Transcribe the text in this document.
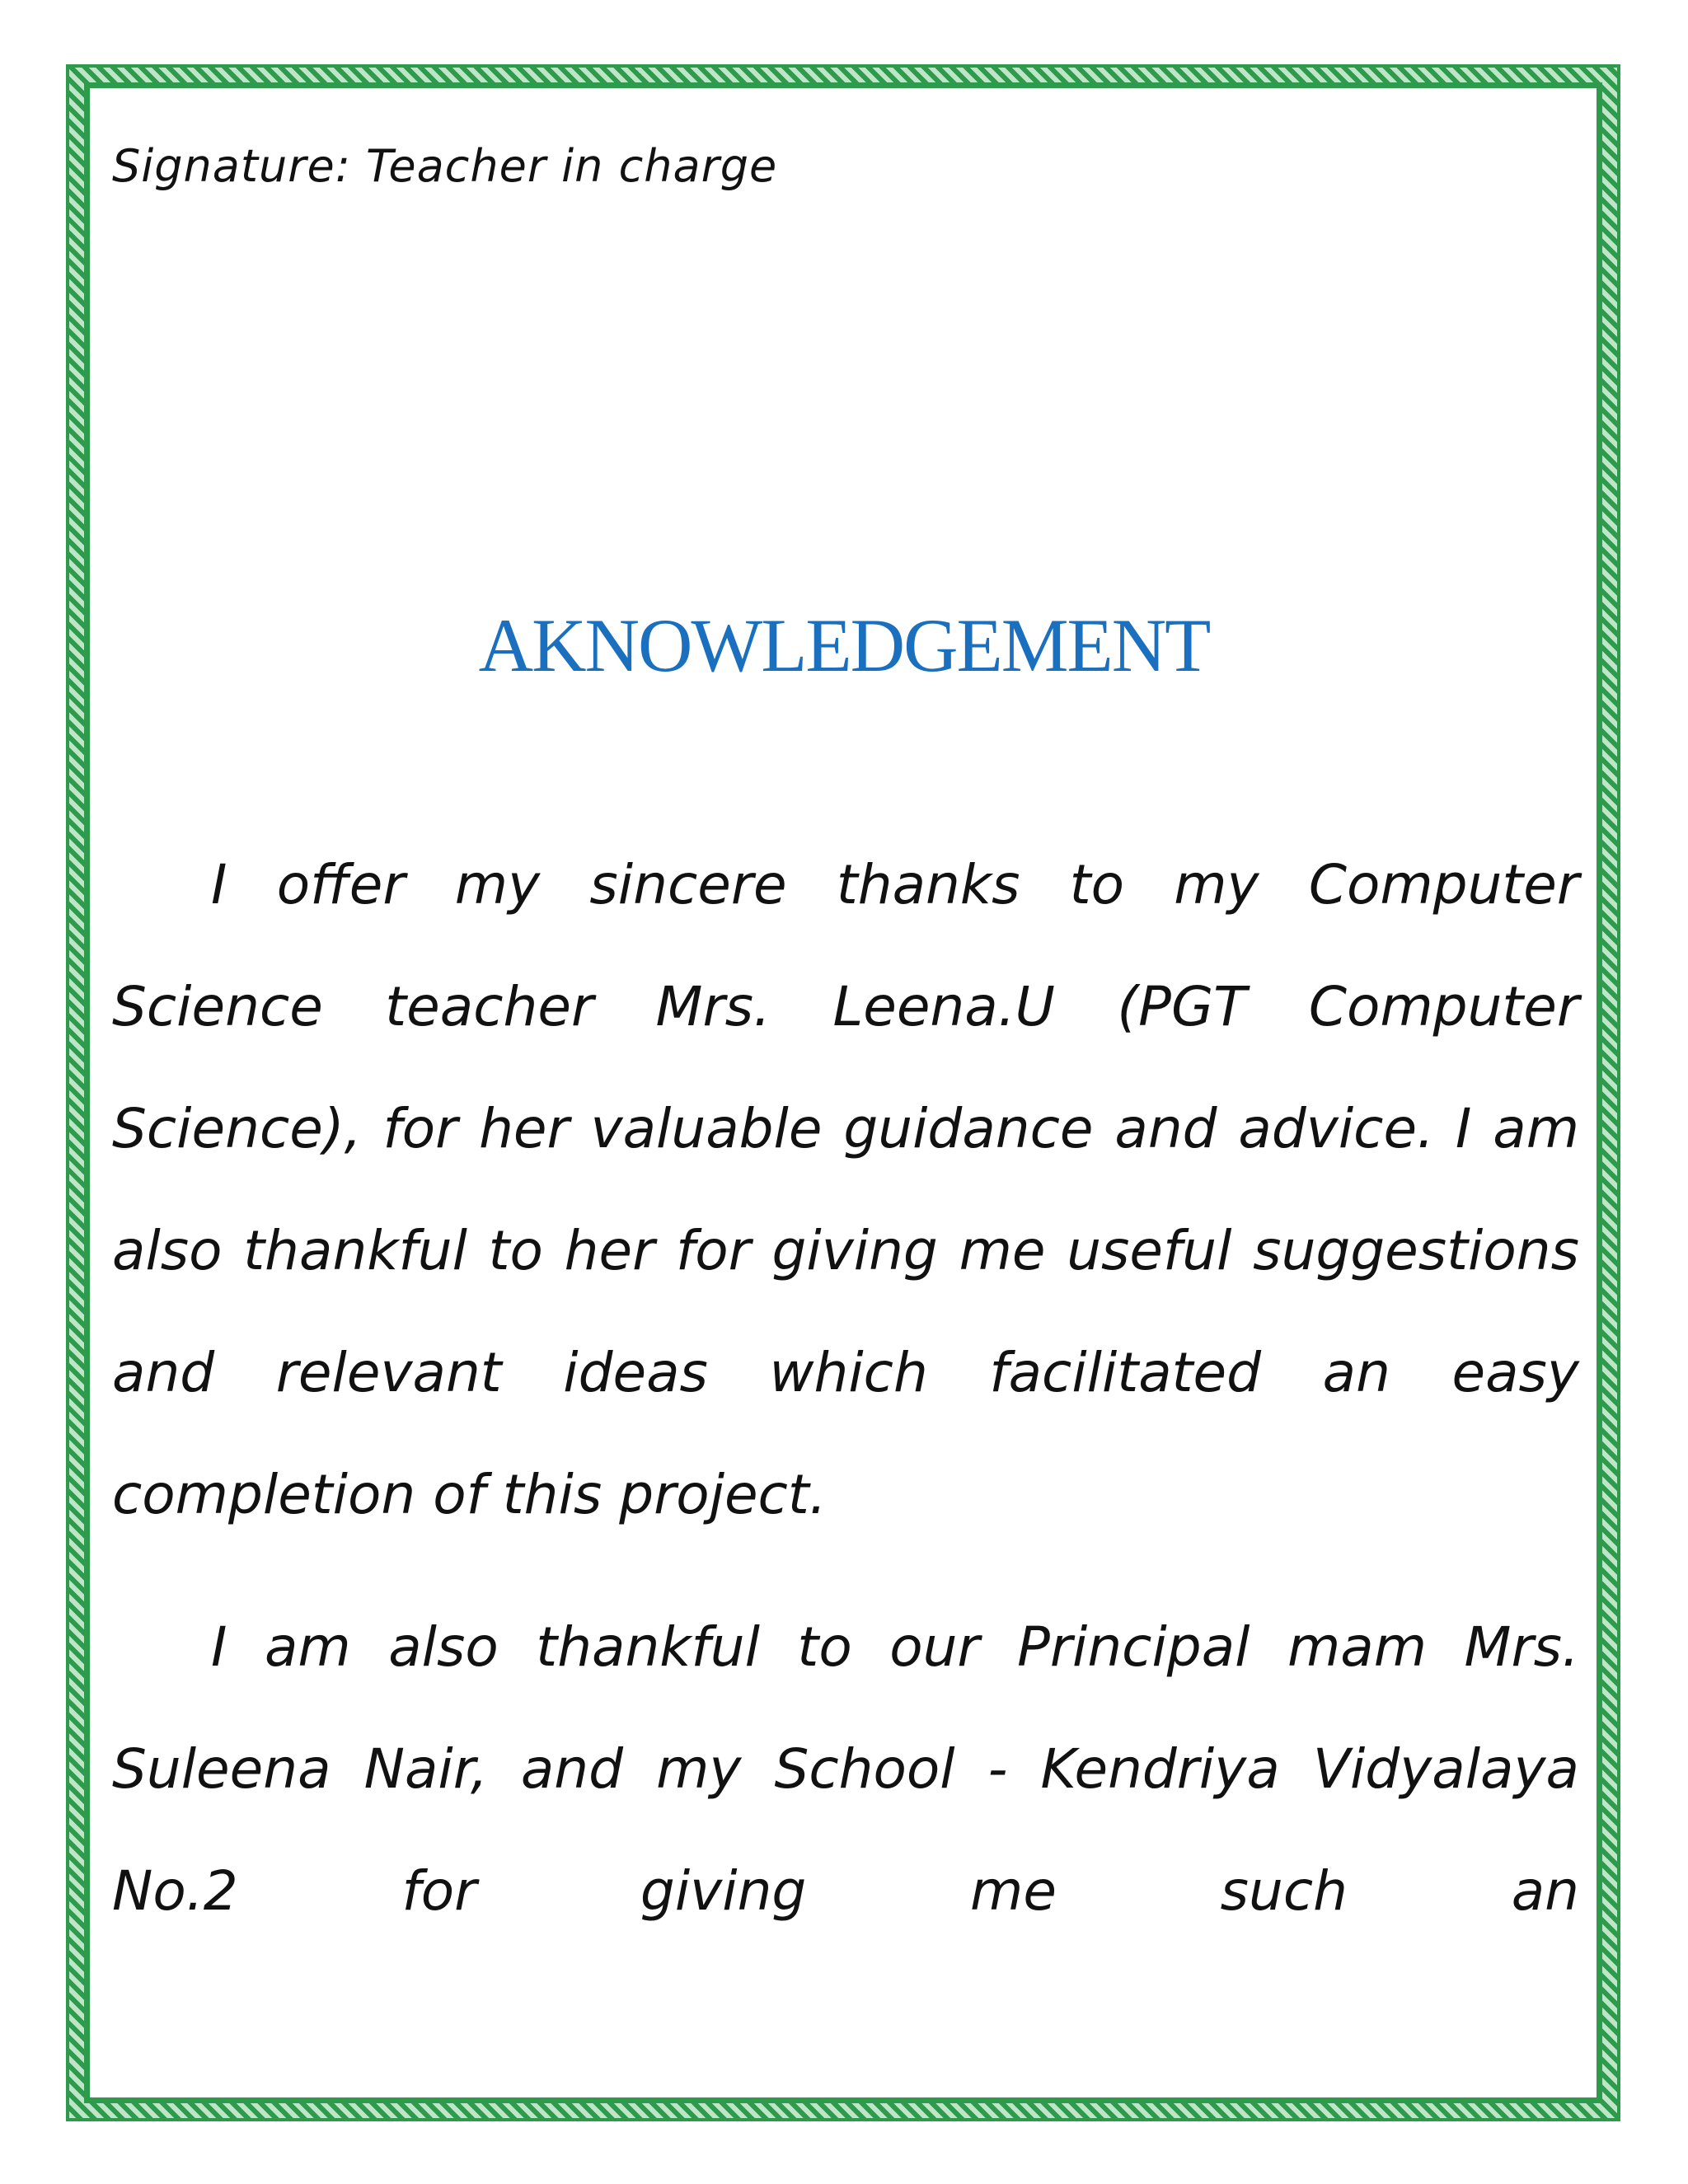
Signature: Teacher in charge
AKNOWLEDGEMENT

I offer my sincere thanks to my Computer Science teacher Mrs. Leena.U (PGT Computer Science), for her valuable guidance and advice. I am also thankful to her for giving me useful suggestions and relevant ideas which facilitated an easy completion of this project.

I am also thankful to our Principal mam Mrs. Suleena Nair, and my School - Kendriya Vidyalaya No.2 for giving me such an
